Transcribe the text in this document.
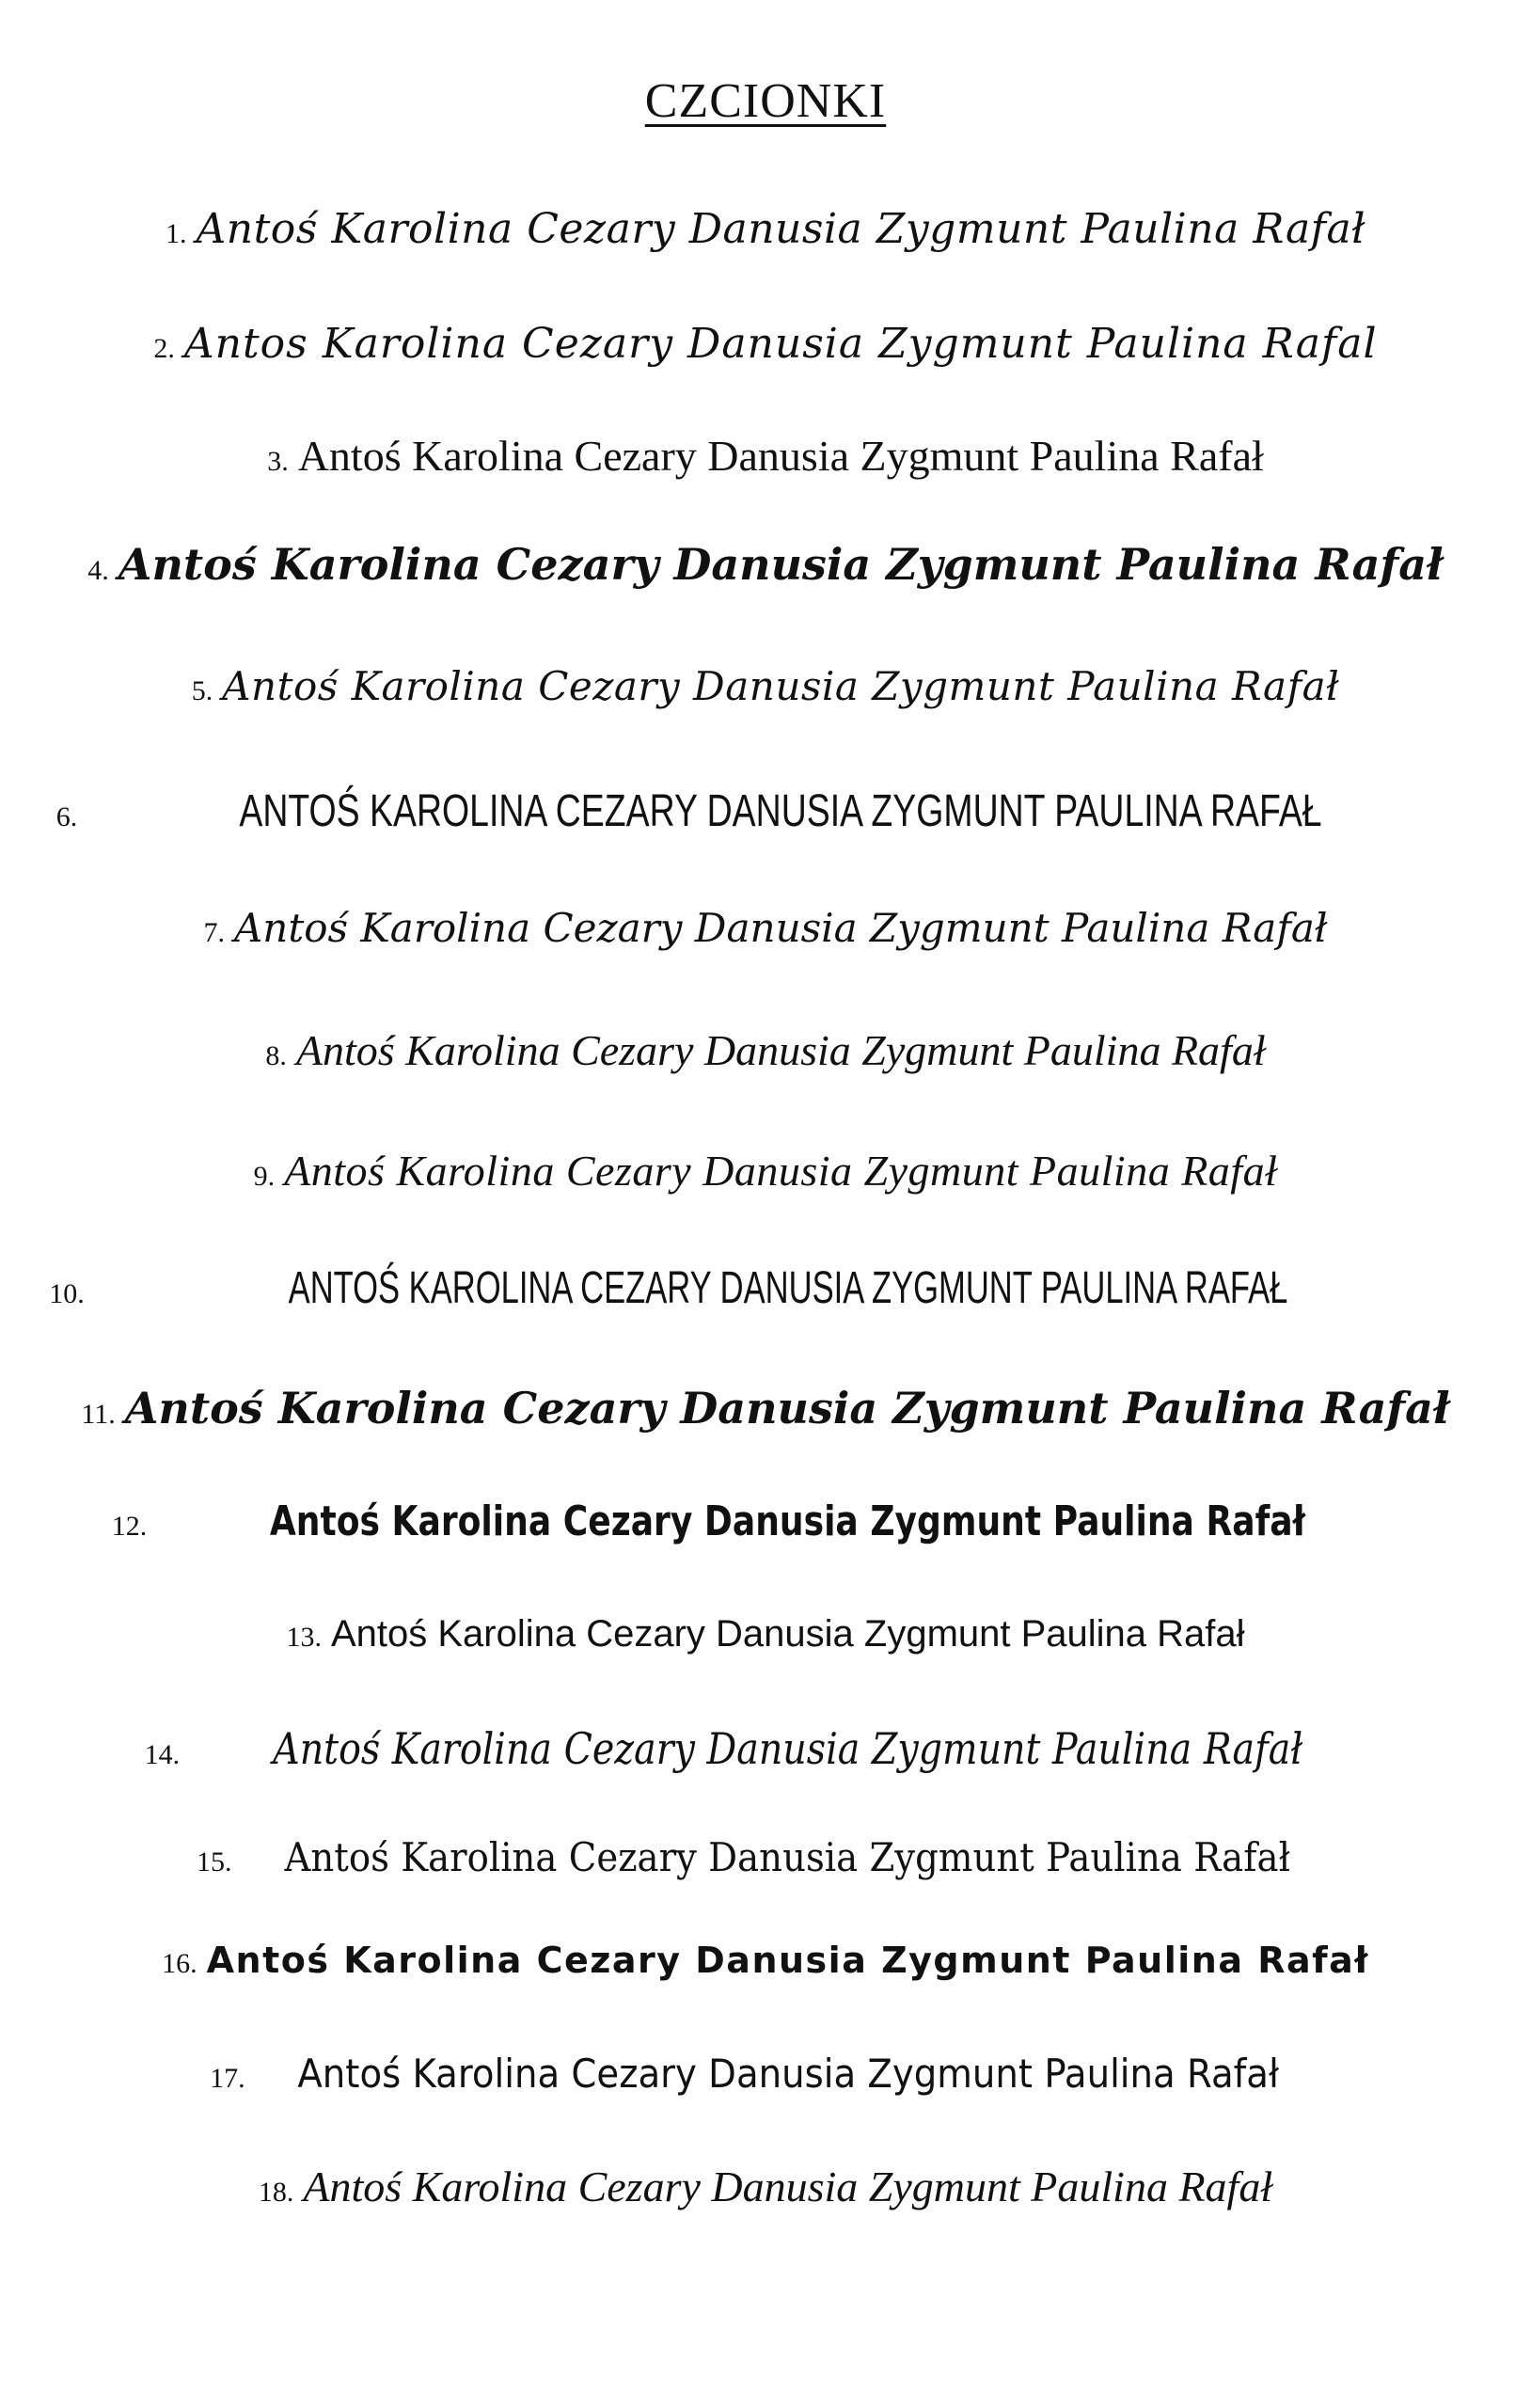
CZCIONKI
1. Antoś Karolina Cezary Danusia Zygmunt Paulina Rafał
2. Antos Karolina Cezary Danusia Zygmunt Paulina Rafal
3. Antoś Karolina Cezary Danusia Zygmunt Paulina Rafał
4. Antoś Karolina Cezary Danusia Zygmunt Paulina Rafał
5. Antoś Karolina Cezary Danusia Zygmunt Paulina Rafał
6.	ANTOŚ KAROLINA CEZARY DANUSIA ZYGMUNT PAULINA RAFAŁ
7. Antoś Karolina Cezary Danusia Zygmunt Paulina Rafał
8. Antoś Karolina Cezary Danusia Zygmunt Paulina Rafał
9. Antoś Karolina Cezary Danusia Zygmunt Paulina Rafał
10.	ANTOŚ KAROLINA CEZARY DANUSIA ZYGMUNT PAULINA RAFAŁ
11. Antoś Karolina Cezary Danusia Zygmunt Paulina Rafał
12.	Antoś Karolina Cezary Danusia Zygmunt Paulina Rafał
13. Antoś Karolina Cezary Danusia Zygmunt Paulina Rafał
14. Antoś Karolina Cezary Danusia Zygmunt Paulina Rafał
15. Antoś Karolina Cezary Danusia Zygmunt Paulina Rafał
16. Antoś Karolina Cezary Danusia Zygmunt Paulina Rafał
17. Antoś Karolina Cezary Danusia Zygmunt Paulina Rafał
18. Antoś Karolina Cezary Danusia Zygmunt Paulina Rafał
